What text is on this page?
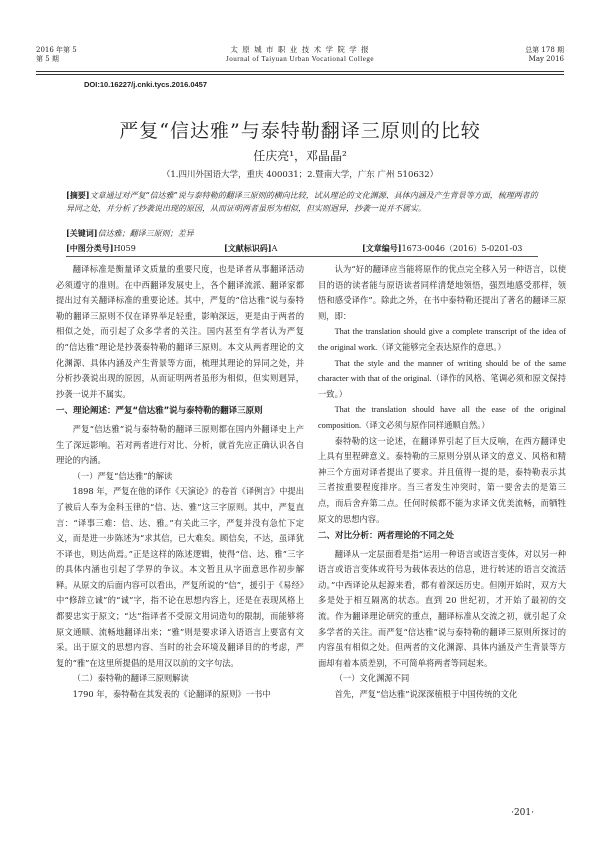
2016 年第 5
第 5 期
太 原 城 市 职 业 技 术 学 院 学 报
Journal of Taiyuan Urban Vocational College
总第 178 期
May 2016
DOI:10.16227/j.cnki.tycs.2016.0457
严复“信达雅”与泰特勒翻译三原则的比较
任庆亮¹，邓晶晶²
（1.四川外国语大学，重庆 400031；2.暨南大学，广东 广州 510632）
[摘要]文章通过对严复“信达雅”说与泰特勒的翻译三原则的横向比较，试从理论的文化渊源、具体内涵及产生背景等方面，梳理两者的异同之处，并分析了抄袭说出现的原因，从而证明两者虽形为相似，但实则迥异，抄袭一说并不属实。
[关键词]信达雅；翻译三原则；差异
[中图分类号]H059	[文献标识码]A	[文章编号]1673-0046（2016）5-0201-03

翻译标准是衡量译文质量的重要尺度，也是译者从事翻译活动必须遵守的准则。在中西翻译发展史上，各个翻译流派、翻译家都提出过有关翻译标准的重要论述。其中，严复的“信达雅”说与泰特勒的翻译三原则不仅在译界举足轻重，影响深远，更是由于两者的相似之处，而引起了众多学者的关注。国内甚至有学者认为严复的“信达雅”理论是抄袭泰特勒的翻译三原则。本文从两者理论的文化渊源、具体内涵及产生背景等方面，梳理其理论的异同之处，并分析抄袭说出现的原因，从而证明两者虽形为相似，但实则迥异，抄袭一说并不属实。

一、理论阐述：严复“信达雅”说与泰特勒的翻译三原则

严复“信达雅”说与泰特勒的翻译三原则都在国内外翻译史上产生了深远影响。若对两者进行对比、分析，就首先应正确认识各自理论的内涵。

（一）严复“信达雅”的解读

1898 年，严复在他的译作《天演论》的卷首《译例言》中提出了被后人奉为金科玉律的“信、达、雅”这三字原则。其中，严复直言：“译事三难：信、达、雅。”有关此三字，严复并没有急忙下定义，而是进一步陈述为“求其信，已大难矣。顾信矣，不达，虽译犹不译也，则达尚焉。”正是这样的陈述逻辑，使得“信、达、雅”三字的具体内涵也引起了学界的争议。本文暂且从字面意思作初步解释。从原文的后面内容可以看出，严复所说的“信”，援引于《易经》中“修辞立诚”的“诚”字，指不论在思想内容上，还是在表现风格上都要忠实于原文；“达”指译者不受原文用词造句的限制，而能够将原文通顺、流畅地翻译出来；“雅”则是要求译入语语言上要富有文采。出于原文的思想内容、当时的社会环境及翻译目的的考虑，严复的“雅”在这里所提倡的是用汉以前的文字句法。

（二）泰特勒的翻译三原则解读

1790 年，泰特勒在其发表的《论翻译的原则》一书中

认为“好的翻译应当能将原作的优点完全移入另一种语言，以使目的语的读者能与原语读者同样清楚地领悟，强烈地感受那样，领悟和感受译作”。除此之外，在书中泰特勒还提出了著名的翻译三原则，即：

That the translation should give a complete transcript of the idea of the original work.（译文能够完全表达原作的意思。）

That the style and the manner of writing should be of the same character with that of the original.（译作的风格、笔调必须和原文保持一致。）

That the translation should have all the ease of the original composition.（译文必须与原作同样通顺自然。）

泰特勒的这一论述，在翻译界引起了巨大反响，在西方翻译史上具有里程碑意义。泰特勒的三原则分别从译文的意义、风格和精神三个方面对译者提出了要求。并且值得一提的是，泰特勒表示其三者按重要程度排序。当三者发生冲突时，第一要舍去的是第三点，而后舍弃第二点。任何时候都不能为求译文优美流畅，而牺牲原文的思想内容。

二、对比分析：两者理论的不同之处

翻译从一定层面看是指“运用一种语言或语言变体，对以另一种语言或语言变体或符号为载体表达的信息，进行转述的语言交流活动。”中西译论从起源来看，都有着深远历史。但刚开始时，双方大多是处于相互隔离的状态。直到 20 世纪初，才开始了最初的交流。作为翻译理论研究的重点，翻译标准从交流之初，就引起了众多学者的关注。而严复“信达雅”说与泰特勒的翻译三原则所探讨的内容虽有相似之处。但两者的文化渊源、具体内涵及产生背景等方面却有着本质差别，不可简单将两者等同起来。

（一）文化渊源不同

首先，严复“信达雅”说深深植根于中国传统的文化

·201·
